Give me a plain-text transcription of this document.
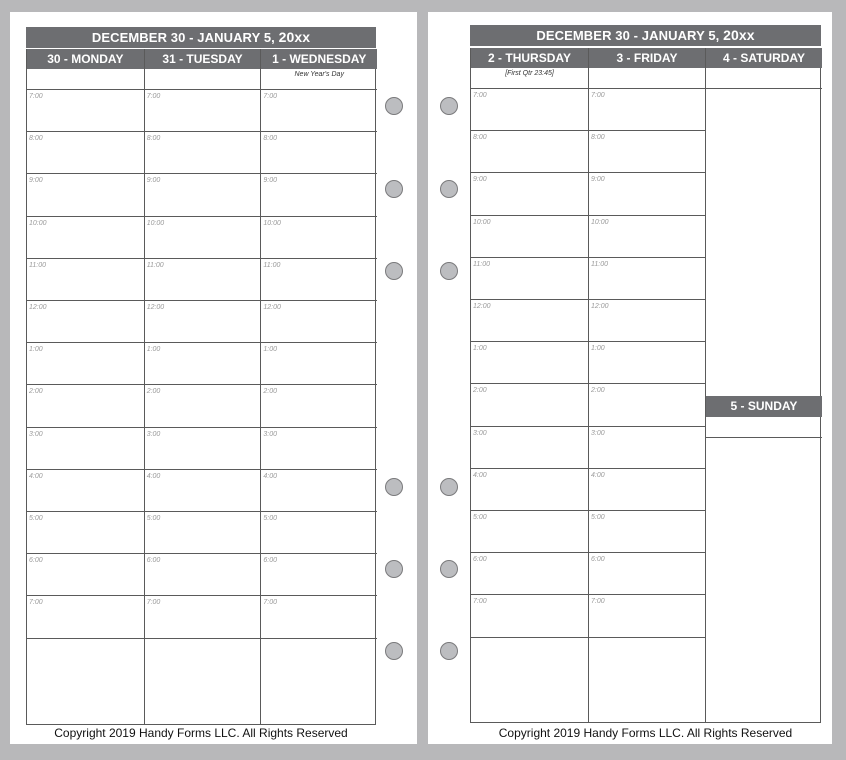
DECEMBER 30 - JANUARY 5, 20xx
30 - MONDAY
7:00
8:00
9:00
10:00
11:00
12:00
1:00
2:00
3:00
4:00
5:00
6:00
7:00
31 - TUESDAY
7:00
8:00
9:00
10:00
11:00
12:00
1:00
2:00
3:00
4:00
5:00
6:00
7:00
1 - WEDNESDAY
New Year's Day
7:00
8:00
9:00
10:00
11:00
12:00
1:00
2:00
3:00
4:00
5:00
6:00
7:00
Copyright 2019 Handy Forms LLC. All Rights Reserved
DECEMBER 30 - JANUARY 5, 20xx
2 - THURSDAY
[First Qtr 23:45]
7:00
8:00
9:00
10:00
11:00
12:00
1:00
2:00
3:00
4:00
5:00
6:00
7:00
3 - FRIDAY
7:00
8:00
9:00
10:00
11:00
12:00
1:00
2:00
3:00
4:00
5:00
6:00
7:00
4 - SATURDAY
5 - SUNDAY
Copyright 2019 Handy Forms LLC. All Rights Reserved
